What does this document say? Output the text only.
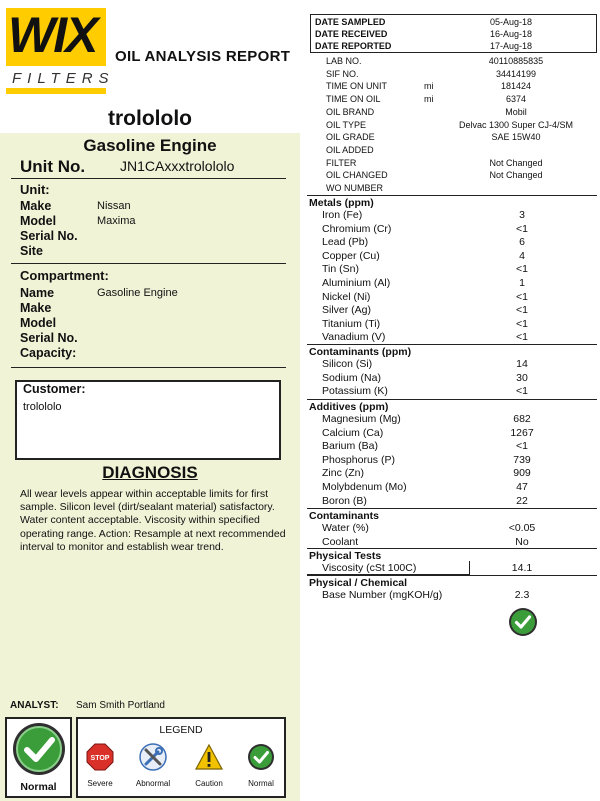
WIX
FILTERS
OIL ANALYSIS REPORT
trolololo
Gasoline Engine
Unit No. JN1CAxxxtrolololo
Unit:
Make	Nissan
Model	Maxima
Serial No.
Site
Compartment:
Name	Gasoline Engine
Make
Model
Serial No.
Capacity:
Customer:
trolololo
DIAGNOSIS
All wear levels appear within acceptable limits for first sample. Silicon level (dirt/sealant material) satisfactory. Water content acceptable. Viscosity within specified operating range. Action: Resample at next recommended interval to monitor and establish wear trend.
ANALYST: Sam Smith Portland
Normal
LEGEND
STOP
Severe	Abnormal	Caution	Normal
DATE SAMPLED	05-Aug-18
DATE RECEIVED	16-Aug-18
DATE REPORTED	17-Aug-18
LAB NO.	40110885835
SIF NO.	34414199
TIME ON UNIT	mi	181424
TIME ON OIL	mi	6374
OIL BRAND	Mobil
OIL TYPE	Delvac 1300 Super CJ-4/SM
OIL GRADE	SAE 15W40
OIL ADDED
FILTER	Not Changed
OIL CHANGED	Not Changed
WO NUMBER
Metals (ppm)
Iron (Fe)	3
Chromium (Cr)	<1
Lead (Pb)	6
Copper (Cu)	4
Tin (Sn)	<1
Aluminium (Al)	1
Nickel (Ni)	<1
Silver (Ag)	<1
Titanium (Ti)	<1
Vanadium (V)	<1
Contaminants (ppm)
Silicon (Si)	14
Sodium (Na)	30
Potassium (K)	<1
Additives (ppm)
Magnesium (Mg)	682
Calcium (Ca)	1267
Barium (Ba)	<1
Phosphorus (P)	739
Zinc (Zn)	909
Molybdenum (Mo)	47
Boron (B)	22
Contaminants
Water (%)	<0.05
Coolant	No
Physical Tests
Viscosity (cSt 100C)	14.1
Physical / Chemical
Base Number (mgKOH/g)	2.3
